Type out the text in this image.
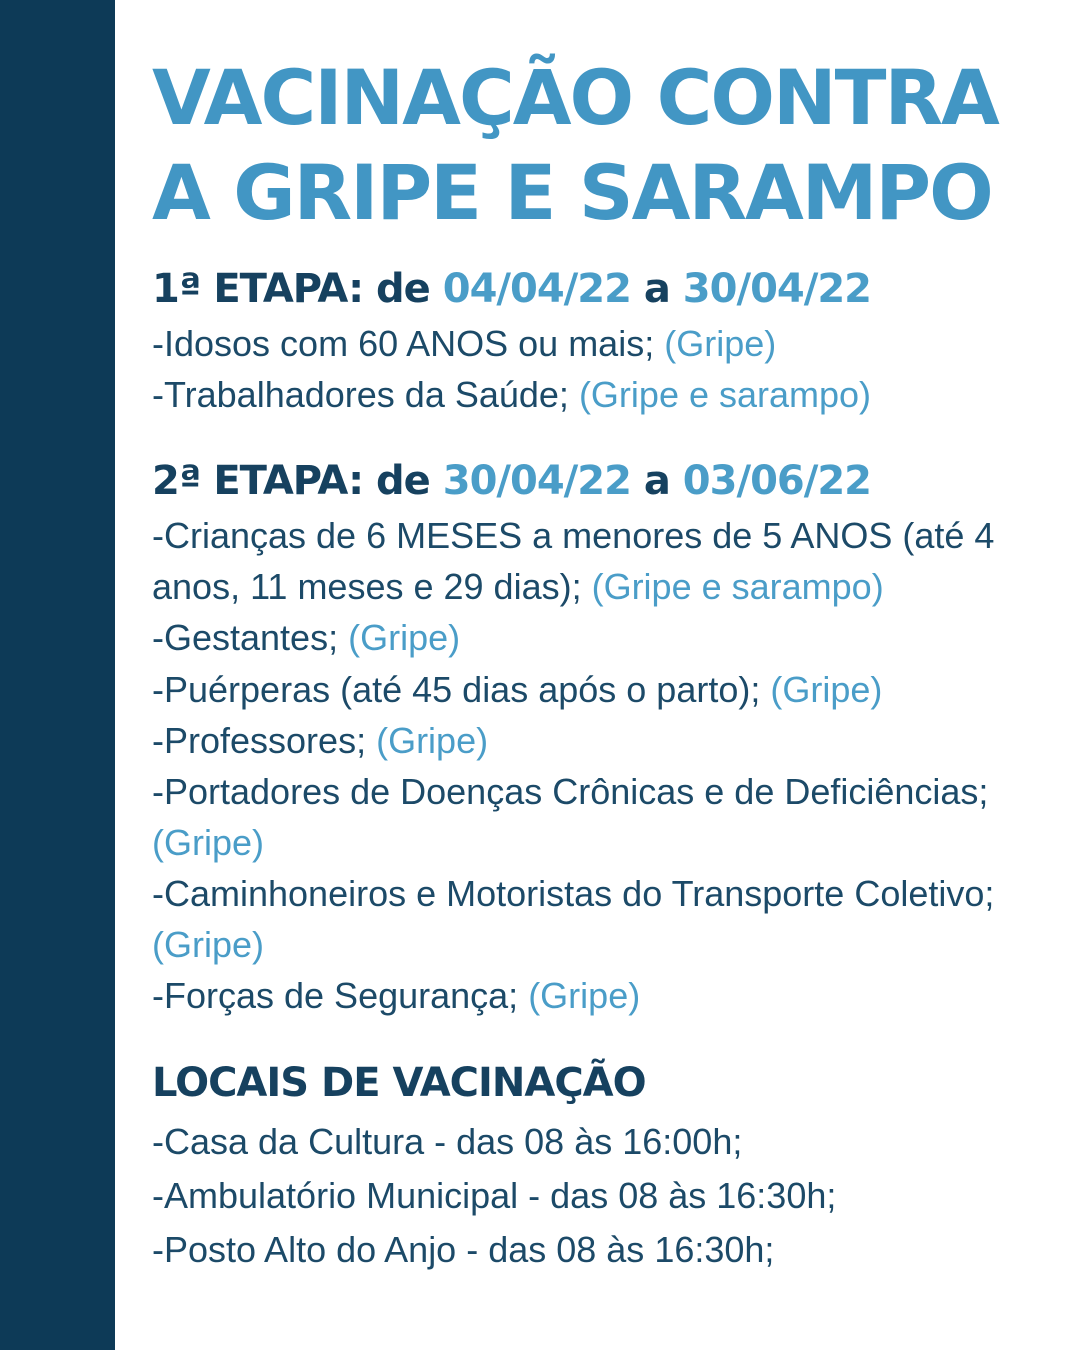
VACINAÇÃO CONTRA
A GRIPE E SARAMPO
1ª ETAPA: de 04/04/22 a 30/04/22
-Idosos com 60 ANOS ou mais; (Gripe)
-Trabalhadores da Saúde; (Gripe e sarampo)
2ª ETAPA: de 30/04/22 a 03/06/22
-Crianças de 6 MESES a menores de 5 ANOS (até 4 anos, 11 meses e 29 dias); (Gripe e sarampo)
-Gestantes; (Gripe)
-Puérperas (até 45 dias após o parto); (Gripe)
-Professores; (Gripe)
-Portadores de Doenças Crônicas e de Deficiências; (Gripe)
-Caminhoneiros e Motoristas do Transporte Coletivo; (Gripe)
-Forças de Segurança; (Gripe)
LOCAIS DE VACINAÇÃO
-Casa da Cultura - das 08 às 16:00h;
-Ambulatório Municipal - das 08 às 16:30h;
-Posto Alto do Anjo - das 08 às 16:30h;
